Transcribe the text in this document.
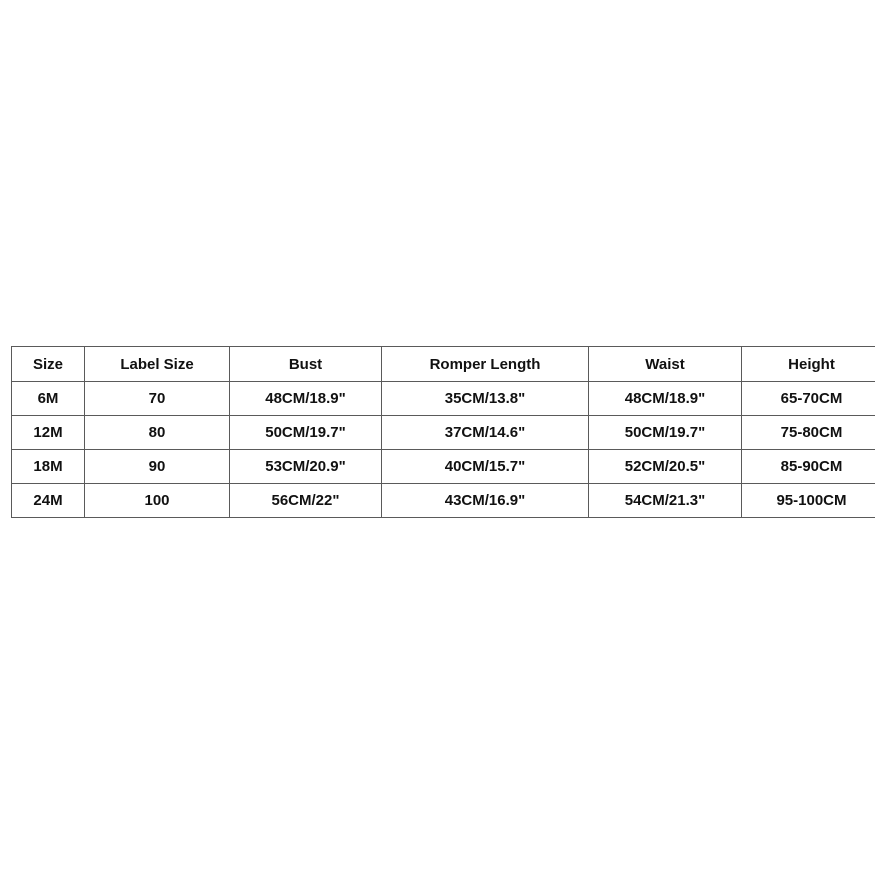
Size	Label Size	Bust	Romper Length	Waist	Height
6M	70	48CM/18.9"	35CM/13.8"	48CM/18.9"	65-70CM
12M	80	50CM/19.7"	37CM/14.6"	50CM/19.7"	75-80CM
18M	90	53CM/20.9"	40CM/15.7"	52CM/20.5"	85-90CM
24M	100	56CM/22"	43CM/16.9"	54CM/21.3"	95-100CM
